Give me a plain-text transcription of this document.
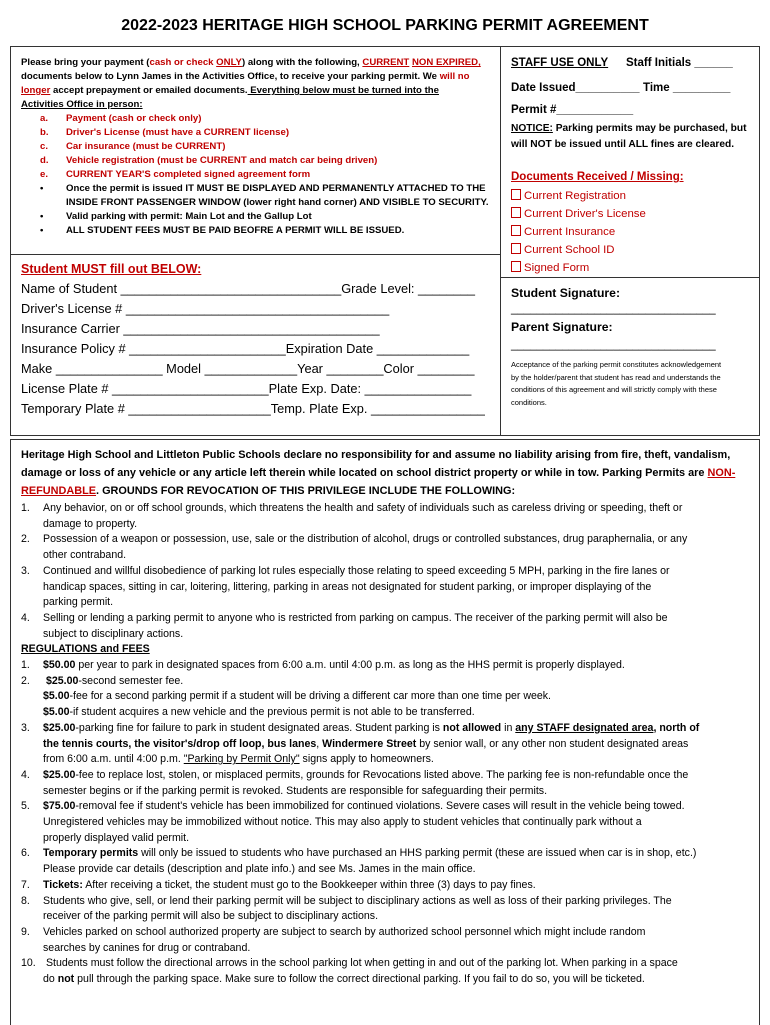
2022-2023 HERITAGE HIGH SCHOOL PARKING PERMIT AGREEMENT
Please bring your payment (cash or check ONLY) along with the following, CURRENT NON EXPIRED,
documents below to Lynn James in the Activities Office, to receive your parking permit. We will no
longer accept prepayment or emailed documents. Everything below must be turned into the
Activities Office in person:
a. Payment (cash or check only)
b. Driver's License (must have a CURRENT license)
c. Car insurance (must be CURRENT)
d. Vehicle registration (must be CURRENT and match car being driven)
e. CURRENT YEAR'S completed signed agreement form
• Once the permit is issued IT MUST BE DISPLAYED AND PERMANENTLY ATTACHED TO THE
INSIDE FRONT PASSENGER WINDOW (lower right hand corner) AND VISIBLE TO SECURITY.
• Valid parking with permit: Main Lot and the Gallup Lot
• ALL STUDENT FEES MUST BE PAID BEOFRE A PERMIT WILL BE ISSUED.
STAFF USE ONLY Staff Initials ______
Date Issued__________ Time _________
Permit #____________
NOTICE: Parking permits may be purchased, but
will NOT be issued until ALL fines are cleared.
Documents Received / Missing:
Current Registration
Current Driver's License
Current Insurance
Current School ID
Signed Form
Student MUST fill out BELOW:
Name of Student _______________________________Grade Level: ________
Driver's License # _____________________________________
Insurance Carrier ____________________________________
Insurance Policy # ______________________Expiration Date _____________
Make _______________ Model _____________Year ________Color ________
License Plate # ______________________Plate Exp. Date: _______________
Temporary Plate # ____________________Temp. Plate Exp. ________________
Student Signature:
________________________________
Parent Signature:
________________________________
Acceptance of the parking permit constitutes acknowledgement
by the holder/parent that student has read and understands the
conditions of this agreement and will strictly comply with these
conditions.
Heritage High School and Littleton Public Schools declare no responsibility for and assume no liability arising from fire, theft, vandalism,
damage or loss of any vehicle or any article left therein while located on school district property or while in tow. Parking Permits are NON-
REFUNDABLE. GROUNDS FOR REVOCATION OF THIS PRIVILEGE INCLUDE THE FOLLOWING:
1. Any behavior, on or off school grounds, which threatens the health and safety of individuals such as careless driving or speeding, theft or
damage to property.
2. Possession of a weapon or possession, use, sale or the distribution of alcohol, drugs or controlled substances, drug paraphernalia, or any
other contraband.
3. Continued and willful disobedience of parking lot rules especially those relating to speed exceeding 5 MPH, parking in the fire lanes or
handicap spaces, sitting in car, loitering, littering, parking in areas not designated for student parking, or improper displaying of the
parking permit.
4. Selling or lending a parking permit to anyone who is restricted from parking on campus. The receiver of the parking permit will also be
subject to disciplinary actions.
REGULATIONS and FEES
1. $50.00 per year to park in designated spaces from 6:00 a.m. until 4:00 p.m. as long as the HHS permit is properly displayed.
2. $25.00-second semester fee.
$5.00-fee for a second parking permit if a student will be driving a different car more than one time per week.
$5.00-if student acquires a new vehicle and the previous permit is not able to be transferred.
3. $25.00-parking fine for failure to park in student designated areas. Student parking is not allowed in any STAFF designated area, north of
the tennis courts, the visitor's/drop off loop, bus lanes, Windermere Street by senior wall, or any other non student designated areas
from 6:00 a.m. until 4:00 p.m. "Parking by Permit Only" signs apply to homeowners.
4. $25.00-fee to replace lost, stolen, or misplaced permits, grounds for Revocations listed above. The parking fee is non-refundable once the
semester begins or if the parking permit is revoked. Students are responsible for safeguarding their permits.
5. $75.00-removal fee if student's vehicle has been immobilized for continued violations. Severe cases will result in the vehicle being towed.
Unregistered vehicles may be immobilized without notice. This may also apply to student vehicles that continually park without a
properly displayed valid permit.
6. Temporary permits will only be issued to students who have purchased an HHS parking permit (these are issued when car is in shop, etc.)
Please provide car details (description and plate info.) and see Ms. James in the main office.
7. Tickets: After receiving a ticket, the student must go to the Bookkeeper within three (3) days to pay fines.
8. Students who give, sell, or lend their parking permit will be subject to disciplinary actions as well as loss of their parking privileges. The
receiver of the parking permit will also be subject to disciplinary actions.
9. Vehicles parked on school authorized property are subject to search by authorized school personnel which might include random
searches by canines for drug or contraband.
10. Students must follow the directional arrows in the school parking lot when getting in and out of the parking lot. When parking in a space
do not pull through the parking space. Make sure to follow the correct directional parking. If you fail to do so, you will be ticketed.
